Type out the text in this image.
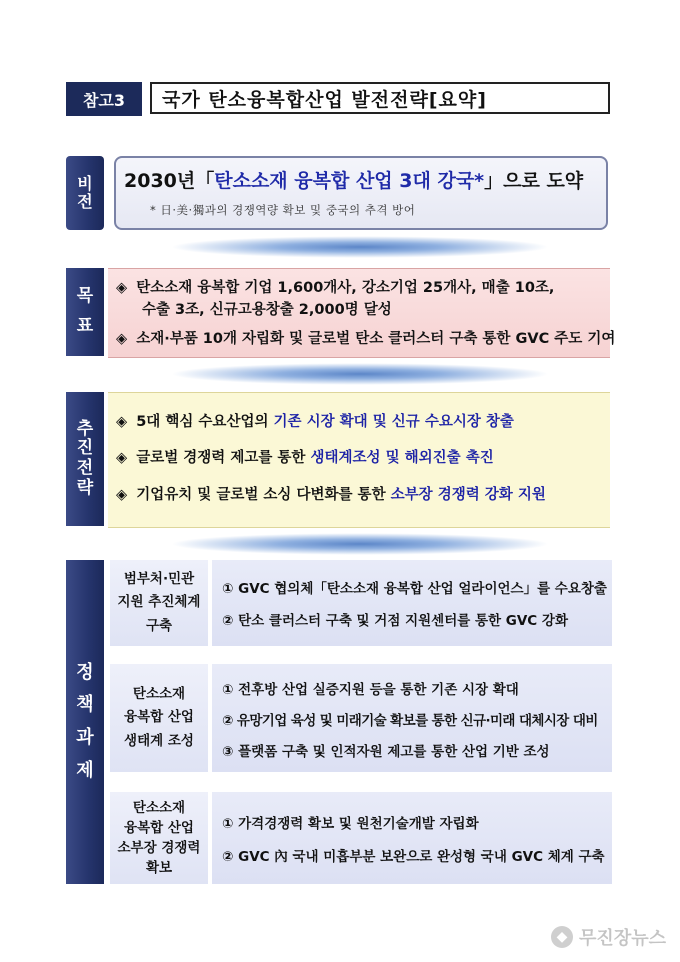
참고3	국가 탄소융복합산업 발전전략[요약]
비
전
2030년「탄소소재 융복합 산업 3대 강국*」으로 도약
* 日·美·獨과의 경쟁역량 확보 및 중국의 추격 방어
목
표
◈ 탄소소재 융복합 기업 1,600개사, 강소기업 25개사, 매출 10조,
수출 3조, 신규고용창출 2,000명 달성
◈ 소재·부품 10개 자립화 및 글로벌 탄소 클러스터 구축 통한 GVC 주도 기여
추
진
전
략
◈ 5대 핵심 수요산업의 기존 시장 확대 및 신규 수요시장 창출
◈ 글로벌 경쟁력 제고를 통한 생태계조성 및 해외진출 촉진
◈ 기업유치 및 글로벌 소싱 다변화를 통한 소부장 경쟁력 강화 지원
정
책
과
제
범부처·민관
지원 추진체계
구축
① GVC 협의체「탄소소재 융복합 산업 얼라이언스」를 수요창출
② 탄소 클러스터 구축 및 거점 지원센터를 통한 GVC 강화
탄소소재
융복합 산업
생태계 조성
① 전후방 산업 실증지원 등을 통한 기존 시장 확대
② 유망기업 육성 및 미래기술 확보를 통한 신규·미래 대체시장 대비
③ 플랫폼 구축 및 인적자원 제고를 통한 산업 기반 조성
탄소소재
융복합 산업
소부장 경쟁력
확보
① 가격경쟁력 확보 및 원천기술개발 자립화
② GVC 內 국내 미흡부분 보완으로 완성형 국내 GVC 체계 구축
◆ 무진장뉴스
